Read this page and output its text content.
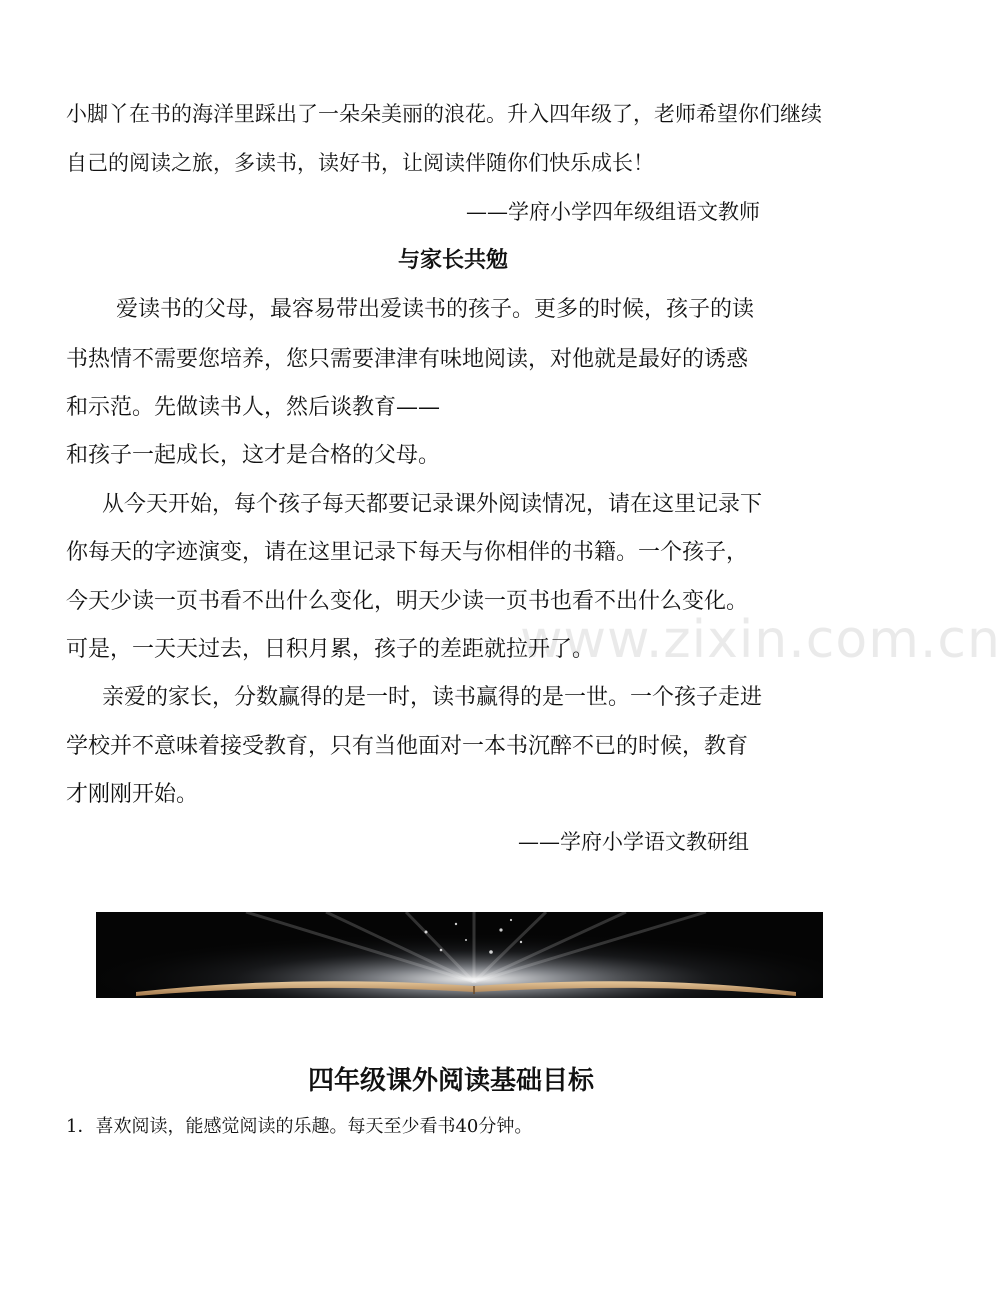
小脚丫在书的海洋里踩出了一朵朵美丽的浪花。升入四年级了，老师希望你们继续
自己的阅读之旅，多读书，读好书，让阅读伴随你们快乐成长！
——学府小学四年级组语文教师
与家长共勉
爱读书的父母，最容易带出爱读书的孩子。更多的时候，孩子的读
书热情不需要您培养，您只需要津津有味地阅读，对他就是最好的诱惑
和示范。先做读书人，然后谈教育——
和孩子一起成长，这才是合格的父母。
从今天开始，每个孩子每天都要记录课外阅读情况，请在这里记录下
你每天的字迹演变，请在这里记录下每天与你相伴的书籍。一个孩子，
今天少读一页书看不出什么变化，明天少读一页书也看不出什么变化。
www.zixin.com.cn
可是，一天天过去，日积月累，孩子的差距就拉开了。
亲爱的家长，分数赢得的是一时，读书赢得的是一世。一个孩子走进
学校并不意味着接受教育，只有当他面对一本书沉醉不已的时候，教育
才刚刚开始。
——学府小学语文教研组
四年级课外阅读基础目标
1．喜欢阅读，能感觉阅读的乐趣。每天至少看书40分钟。
